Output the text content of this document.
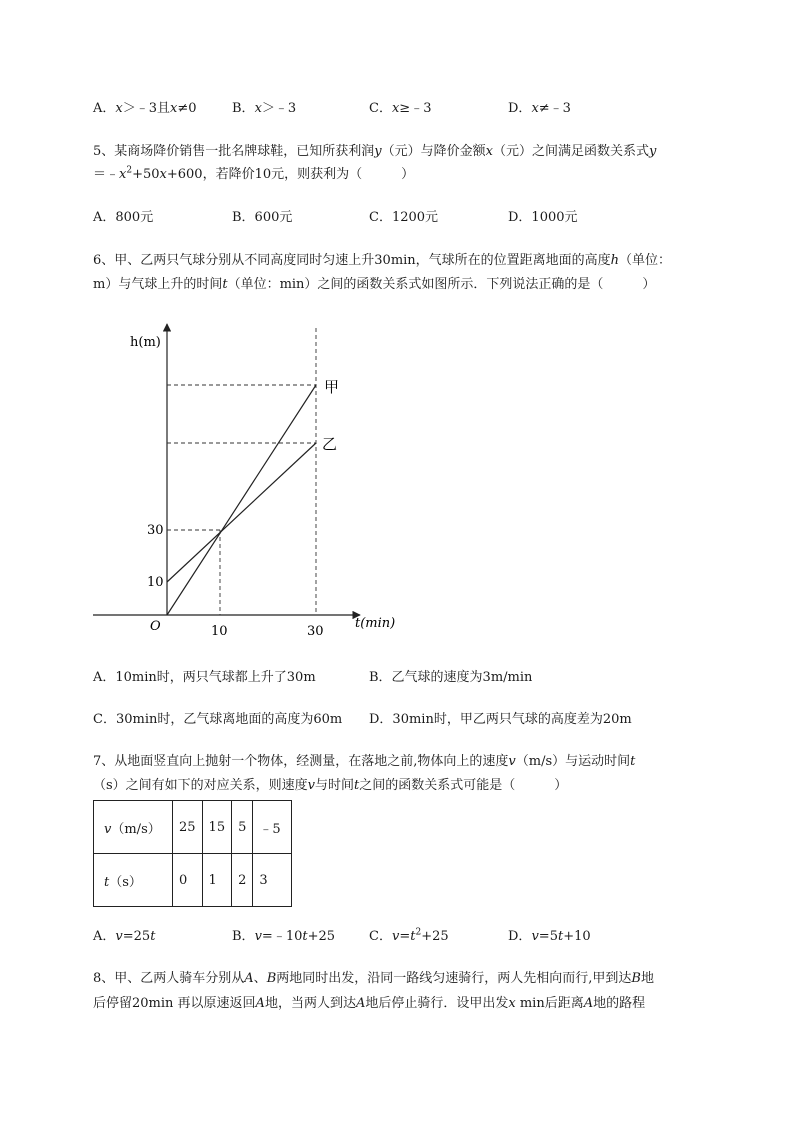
A．x＞﹣3且x≠0	B．x＞﹣3	C．x≥﹣3	D．x≠﹣3
5、某商场降价销售一批名牌球鞋，已知所获利润y（元）与降价金额x（元）之间满足函数关系式y
$=﹣x^2+50x+600$，若降价10元，则获利为（　　　）
A．800元	B．600元	C．1200元	D．1000元
6、甲、乙两只气球分别从不同高度同时匀速上升30min，气球所在的位置距离地面的高度h（单位：
m）与气球上升的时间t（单位：min）之间的函数关系式如图所示．下列说法正确的是（　　　）
h(m)
t(min)
O	10	30
10
30
甲
乙
A．10min时，两只气球都上升了30m	B．乙气球的速度为3m/min
C．30min时，乙气球离地面的高度为60m D．30min时，甲乙两只气球的高度差为20m
7、从地面竖直向上抛射一个物体，经测量，在落地之前,物体向上的速度v（m/s）与运动时间t
（s）之间有如下的对应关系，则速度v与时间t之间的函数关系式可能是（　　　）
v（m/s）	25	15	5	﹣5
t（s）	0	1	2	3
A．v=25t	B．v=﹣10t+25	C．$v=t^2+25$	D．v=5t+10
8、甲、乙两人骑车分别从A、B两地同时出发，沿同一路线匀速骑行，两人先相向而行,甲到达B地
后停留20min 再以原速返回A地，当两人到达A地后停止骑行．设甲出发x min后距离A地的路程
